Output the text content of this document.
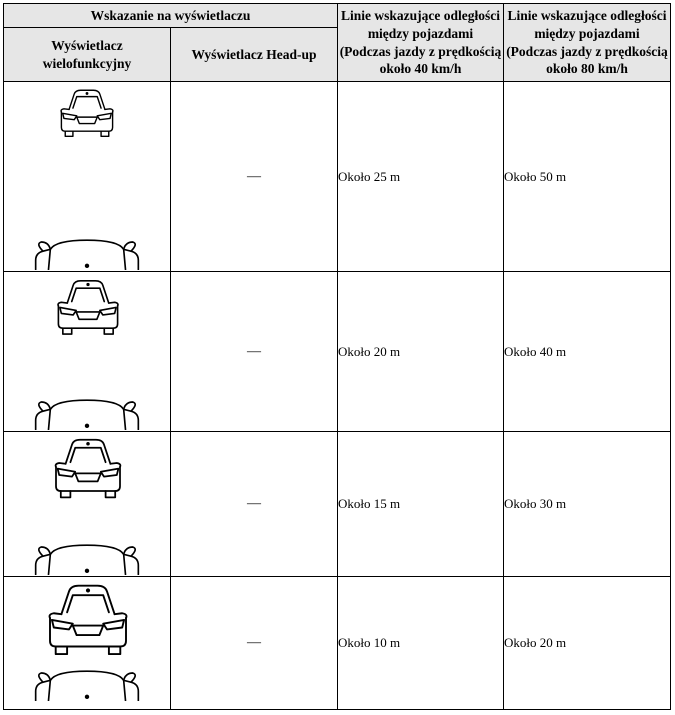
Wskazanie na wyświetlaczu		Linie wskazujące odległości
między pojazdami
(Podczas jazdy z prędkością
około 40 km/h	Linie wskazujące odległości
między pojazdami
(Podczas jazdy z prędkością
około 80 km/h
Wyświetlacz
wielofunkcyjny	Wyświetlacz Head-up		

	—	Około 25 m	Około 50 m

	—	Około 20 m	Około 40 m

	—	Około 15 m	Około 30 m

	—	Około 10 m	Około 20 m
